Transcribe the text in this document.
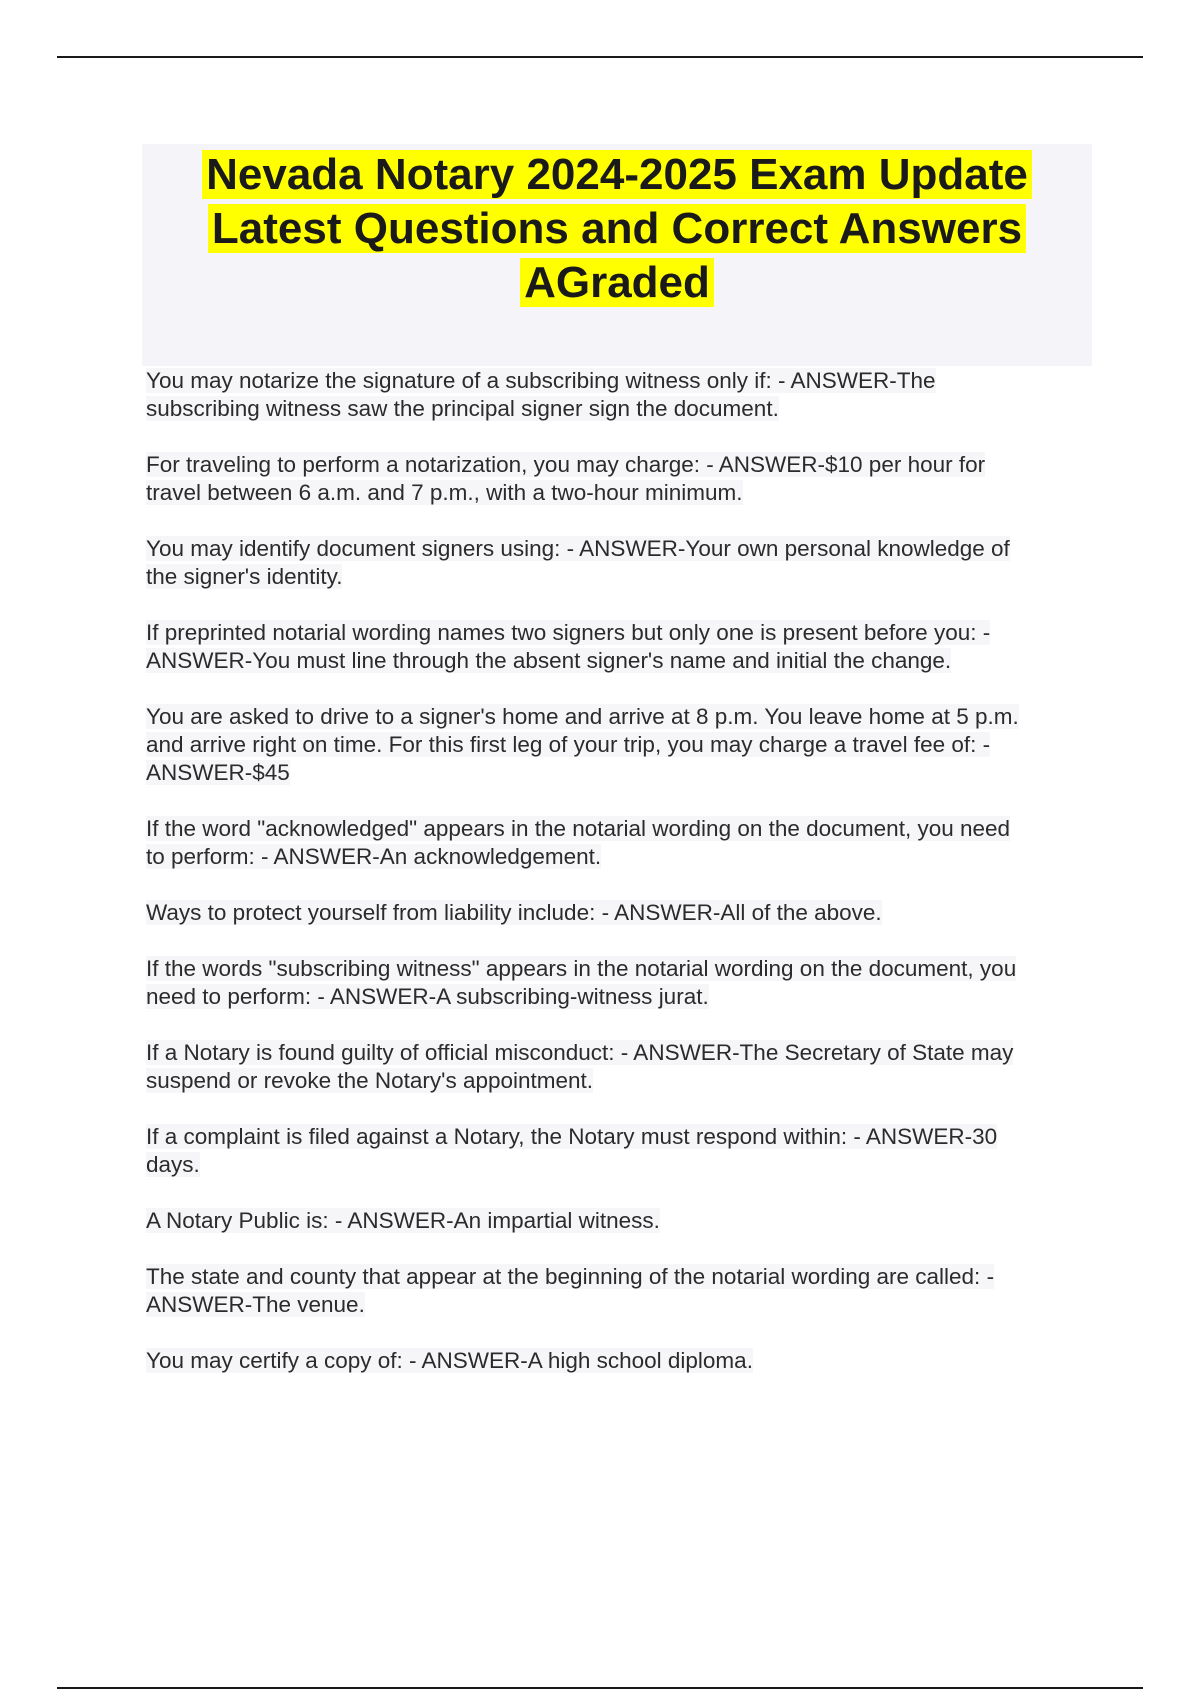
Nevada Notary 2024-2025 Exam Update
Latest Questions and Correct Answers
AGraded

You may notarize the signature of a subscribing witness only if: - ANSWER-The
subscribing witness saw the principal signer sign the document.

For traveling to perform a notarization, you may charge: - ANSWER-$10 per hour for
travel between 6 a.m. and 7 p.m., with a two-hour minimum.

You may identify document signers using: - ANSWER-Your own personal knowledge of
the signer's identity.

If preprinted notarial wording names two signers but only one is present before you: -
ANSWER-You must line through the absent signer's name and initial the change.

You are asked to drive to a signer's home and arrive at 8 p.m. You leave home at 5 p.m.
and arrive right on time. For this first leg of your trip, you may charge a travel fee of: -
ANSWER-$45

If the word "acknowledged" appears in the notarial wording on the document, you need
to perform: - ANSWER-An acknowledgement.

Ways to protect yourself from liability include: - ANSWER-All of the above.

If the words "subscribing witness" appears in the notarial wording on the document, you
need to perform: - ANSWER-A subscribing-witness jurat.

If a Notary is found guilty of official misconduct: - ANSWER-The Secretary of State may
suspend or revoke the Notary's appointment.

If a complaint is filed against a Notary, the Notary must respond within: - ANSWER-30
days.

A Notary Public is: - ANSWER-An impartial witness.

The state and county that appear at the beginning of the notarial wording are called: -
ANSWER-The venue.

You may certify a copy of: - ANSWER-A high school diploma.
